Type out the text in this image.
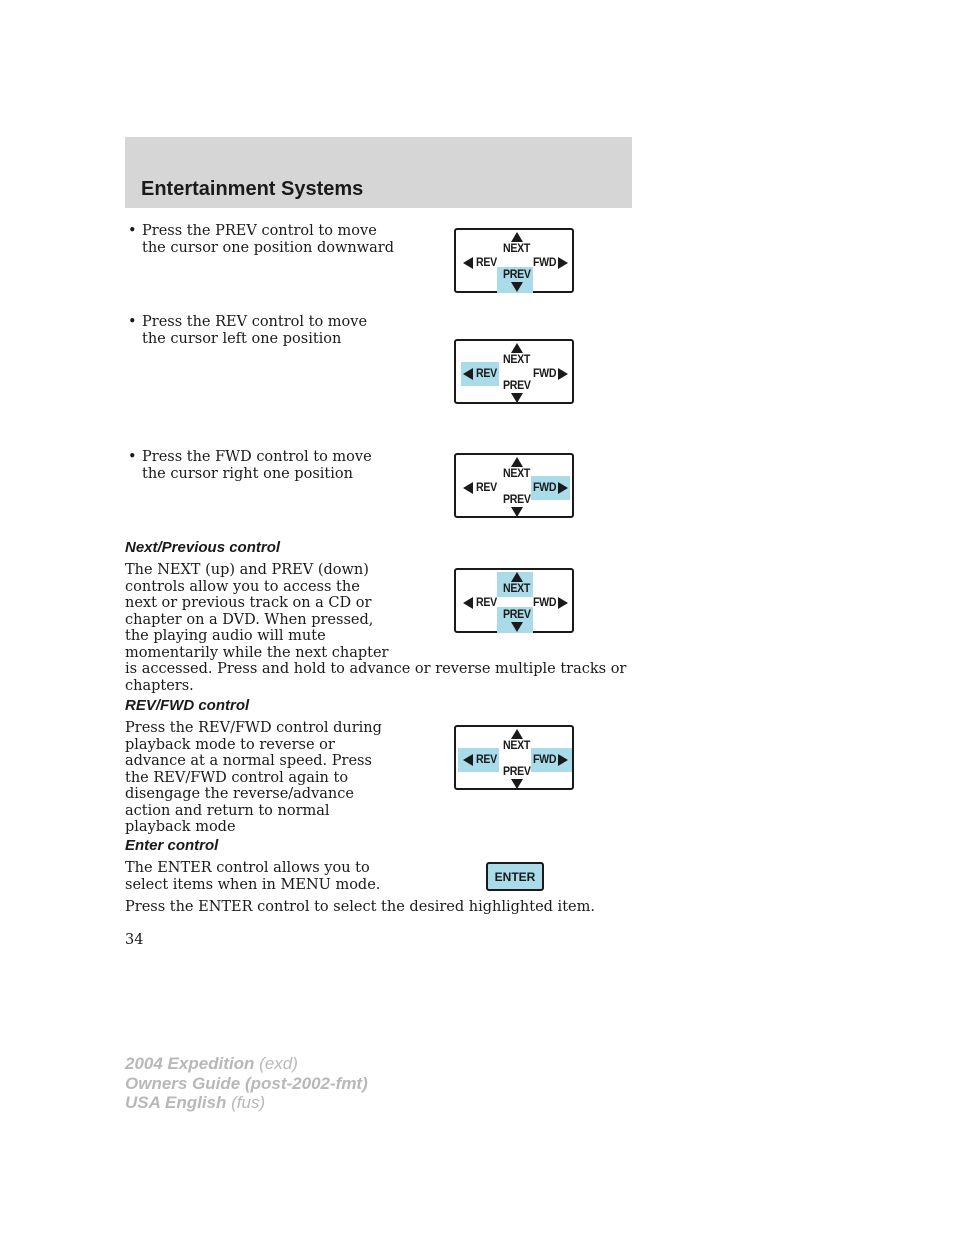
Entertainment Systems
• Press the PREV control to move
the cursor one position downward	NEXT
REV	FWD
PREV
• Press the REV control to move
the cursor left one position
NEXT
REV	FWD
PREV
• Press the FWD control to move
the cursor right one position	NEXT
REV	FWD
PREV
Next/Previous control
The NEXT (up) and PREV (down)
controls allow you to access the
next or previous track on a CD or
chapter on a DVD. When pressed,
the playing audio will mute
momentarily while the next chapter
is accessed. Press and hold to advance or reverse multiple tracks or
chapters.
NEXT
REV	FWD
PREV
REV/FWD control
Press the REV/FWD control during
playback mode to reverse or
advance at a normal speed. Press
the REV/FWD control again to
disengage the reverse/advance
action and return to normal
playback mode
NEXT
REV	FWD
PREV
Enter control
The ENTER control allows you to
select items when in MENU mode.
Press the ENTER control to select the desired highlighted item.
ENTER
34
2004 Expedition (exd)
Owners Guide (post-2002-fmt)
USA English (fus)
